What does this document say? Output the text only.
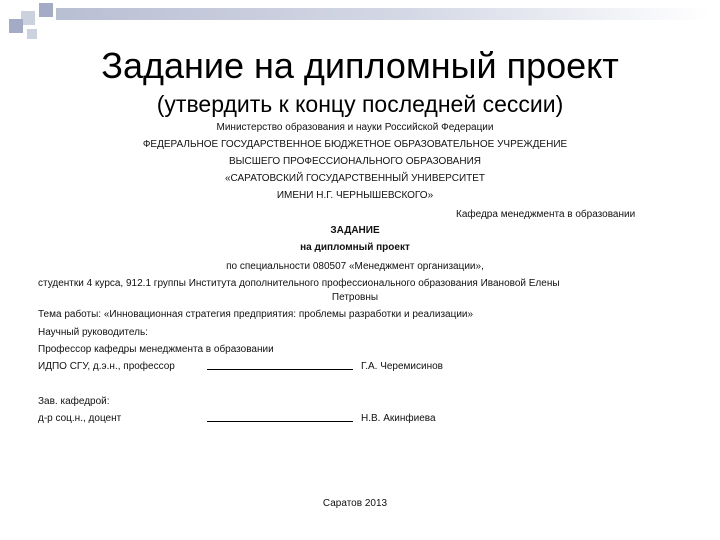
Задание на дипломный проект
(утвердить к концу последней сессии)
Министерство образования и науки Российской Федерации
ФЕДЕРАЛЬНОЕ ГОСУДАРСТВЕННОЕ БЮДЖЕТНОЕ ОБРАЗОВАТЕЛЬНОЕ УЧРЕЖДЕНИЕ
ВЫСШЕГО ПРОФЕССИОНАЛЬНОГО ОБРАЗОВАНИЯ
«САРАТОВСКИЙ ГОСУДАРСТВЕННЫЙ УНИВЕРСИТЕТ
ИМЕНИ Н.Г. ЧЕРНЫШЕВСКОГО»
Кафедра менеджмента в образовании
ЗАДАНИЕ
на дипломный проект
по специальности 080507 «Менеджмент организации»,
студентки 4 курса, 912.1 группы Института дополнительного профессионального образования Ивановой Елены
Петровны
Тема работы: «Инновационная стратегия предприятия: проблемы разработки и реализации»
Научный руководитель:
Профессор кафедры менеджмента в образовании
ИДПО СГУ, д.э.н., профессор	Г.А. Черемисинов
Зав. кафедрой:
д-р соц.н., доцент	Н.В. Акинфиева
Саратов 2013
